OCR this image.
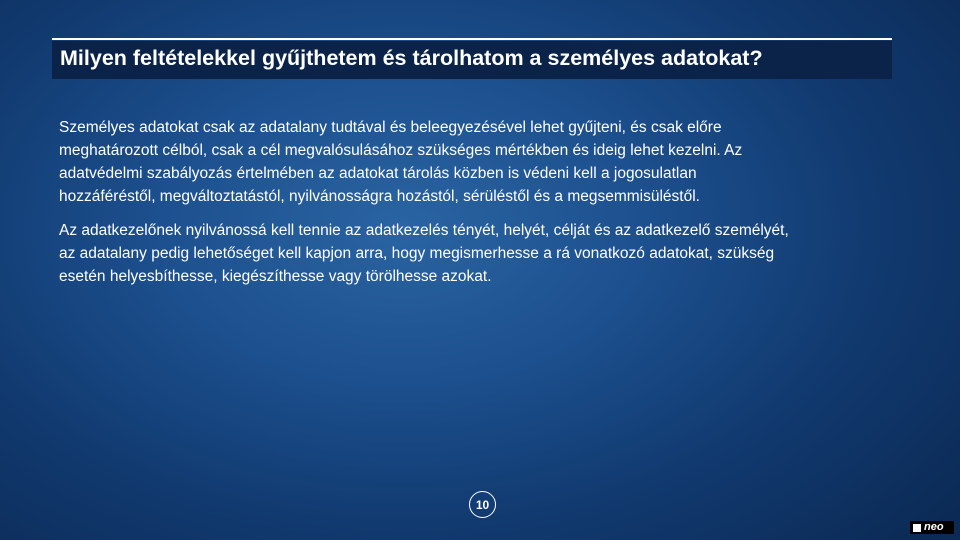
Milyen feltételekkel gyűjthetem és tárolhatom a személyes adatokat?

Személyes adatokat csak az adatalany tudtával és beleegyezésével lehet gyűjteni, és csak előre
meghatározott célból, csak a cél megvalósulásához szükséges mértékben és ideig lehet kezelni. Az
adatvédelmi szabályozás értelmében az adatokat tárolás közben is védeni kell a jogosulatlan
hozzáféréstől, megváltoztatástól, nyilvánosságra hozástól, sérüléstől és a megsemmisüléstől.

Az adatkezelőnek nyilvánossá kell tennie az adatkezelés tényét, helyét, célját és az adatkezelő személyét,
az adatalany pedig lehetőséget kell kapjon arra, hogy megismerhesse a rá vonatkozó adatokat, szükség
esetén helyesbíthesse, kiegészíthesse vagy törölhesse azokat.

10
neo
